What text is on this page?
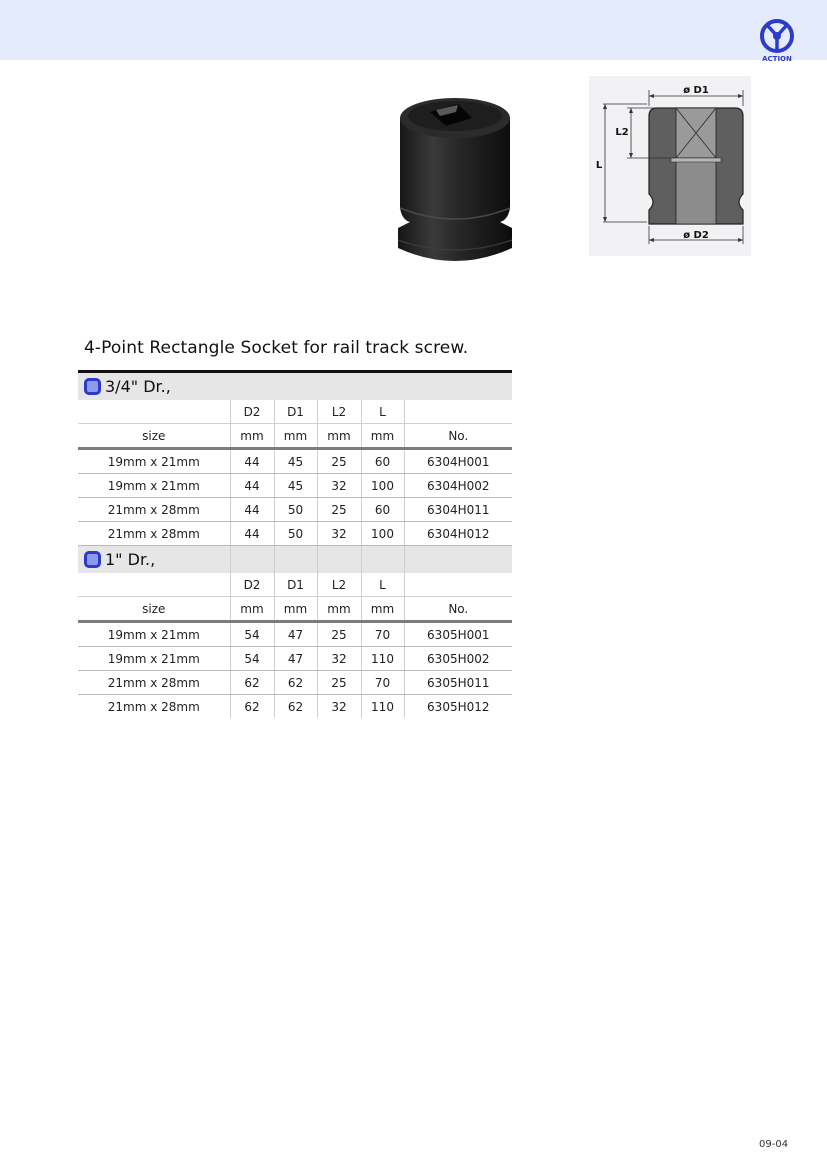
ACTION
ø D1
ø D2
L2
L
4-Point Rectangle Socket for rail track screw.
3/4" Dr.,					

	D2	D1	L2	L	
size	mm	mm	mm	mm	No.
19mm x 21mm	44	45	25	60	6304H001
19mm x 21mm	44	45	32	100	6304H002
21mm x 28mm	44	50	25	60	6304H011
21mm x 28mm	44	50	32	100	6304H012

1" Dr.,					

	D2	D1	L2	L	
size	mm	mm	mm	mm	No.
19mm x 21mm	54	47	25	70	6305H001
19mm x 21mm	54	47	32	110	6305H002
21mm x 28mm	62	62	25	70	6305H011
21mm x 28mm	62	62	32	110	6305H012
09-04
